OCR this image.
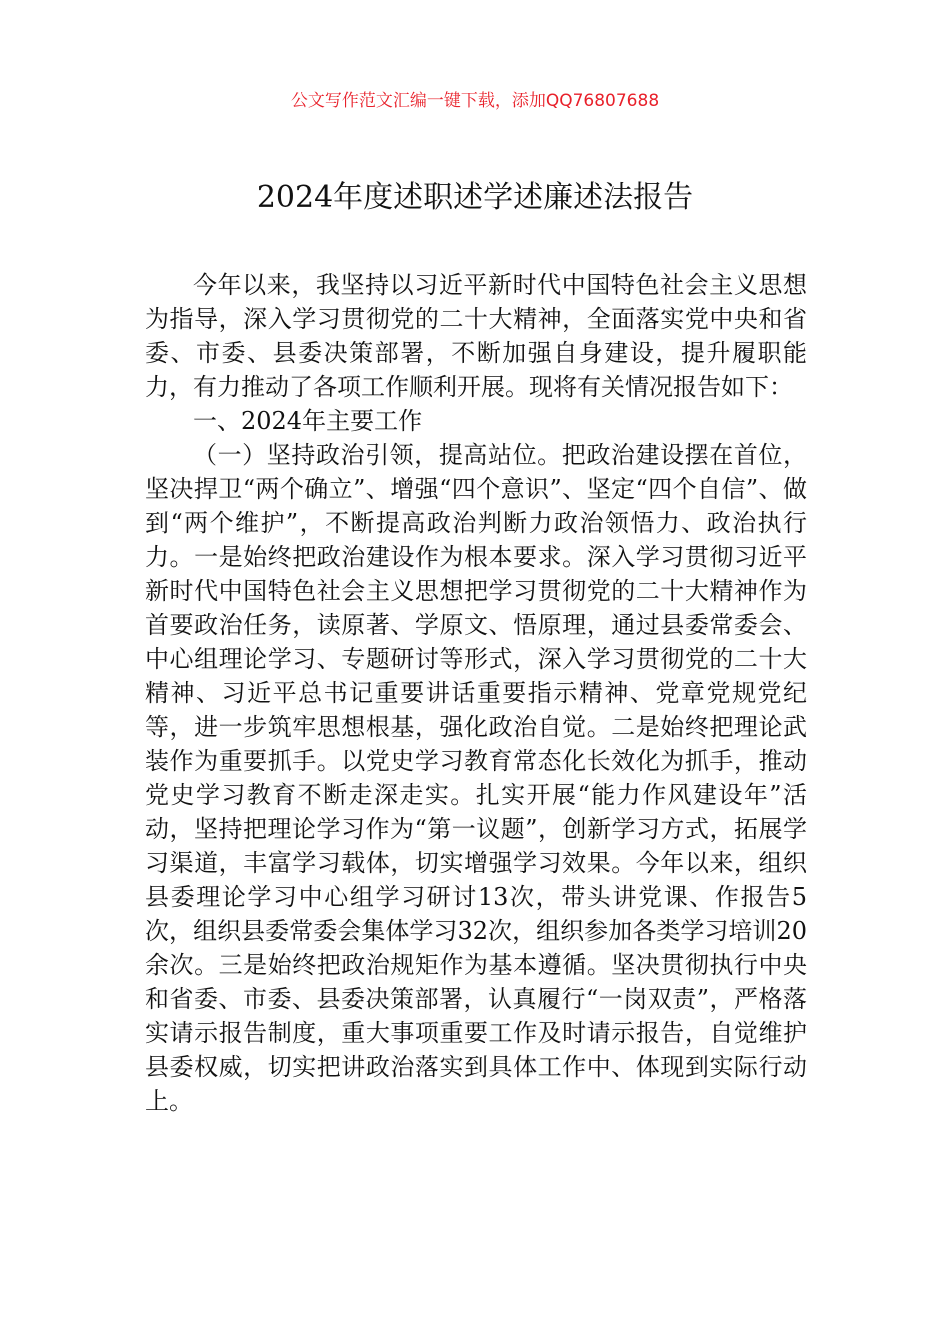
公文写作范文汇编一键下载，添加QQ76807688
2024年度述职述学述廉述法报告

今年以来，我坚持以习近平新时代中国特色社会主义思想为指导，深入学习贯彻党的二十大精神，全面落实党中央和省委、市委、县委决策部署，不断加强自身建设，提升履职能力，有力推动了各项工作顺利开展。现将有关情况报告如下：

一、2024年主要工作

（一）坚持政治引领，提高站位。把政治建设摆在首位，坚决捍卫“两个确立”、增强“四个意识”、坚定“四个自信”、做到“两个维护”，不断提高政治判断力政治领悟力、政治执行力。一是始终把政治建设作为根本要求。深入学习贯彻习近平新时代中国特色社会主义思想把学习贯彻党的二十大精神作为首要政治任务，读原著、学原文、悟原理，通过县委常委会、中心组理论学习、专题研讨等形式，深入学习贯彻党的二十大精神、习近平总书记重要讲话重要指示精神、党章党规党纪等，进一步筑牢思想根基，强化政治自觉。二是始终把理论武装作为重要抓手。以党史学习教育常态化长效化为抓手，推动党史学习教育不断走深走实。扎实开展“能力作风建设年”活动，坚持把理论学习作为“第一议题”，创新学习方式，拓展学习渠道，丰富学习载体，切实增强学习效果。今年以来，组织县委理论学习中心组学习研讨13次，带头讲党课、作报告5次，组织县委常委会集体学习32次，组织参加各类学习培训20余次。三是始终把政治规矩作为基本遵循。坚决贯彻执行中央和省委、市委、县委决策部署，认真履行“一岗双责”，严格落实请示报告制度，重大事项重要工作及时请示报告，自觉维护县委权威，切实把讲政治落实到具体工作中、体现到实际行动上。
